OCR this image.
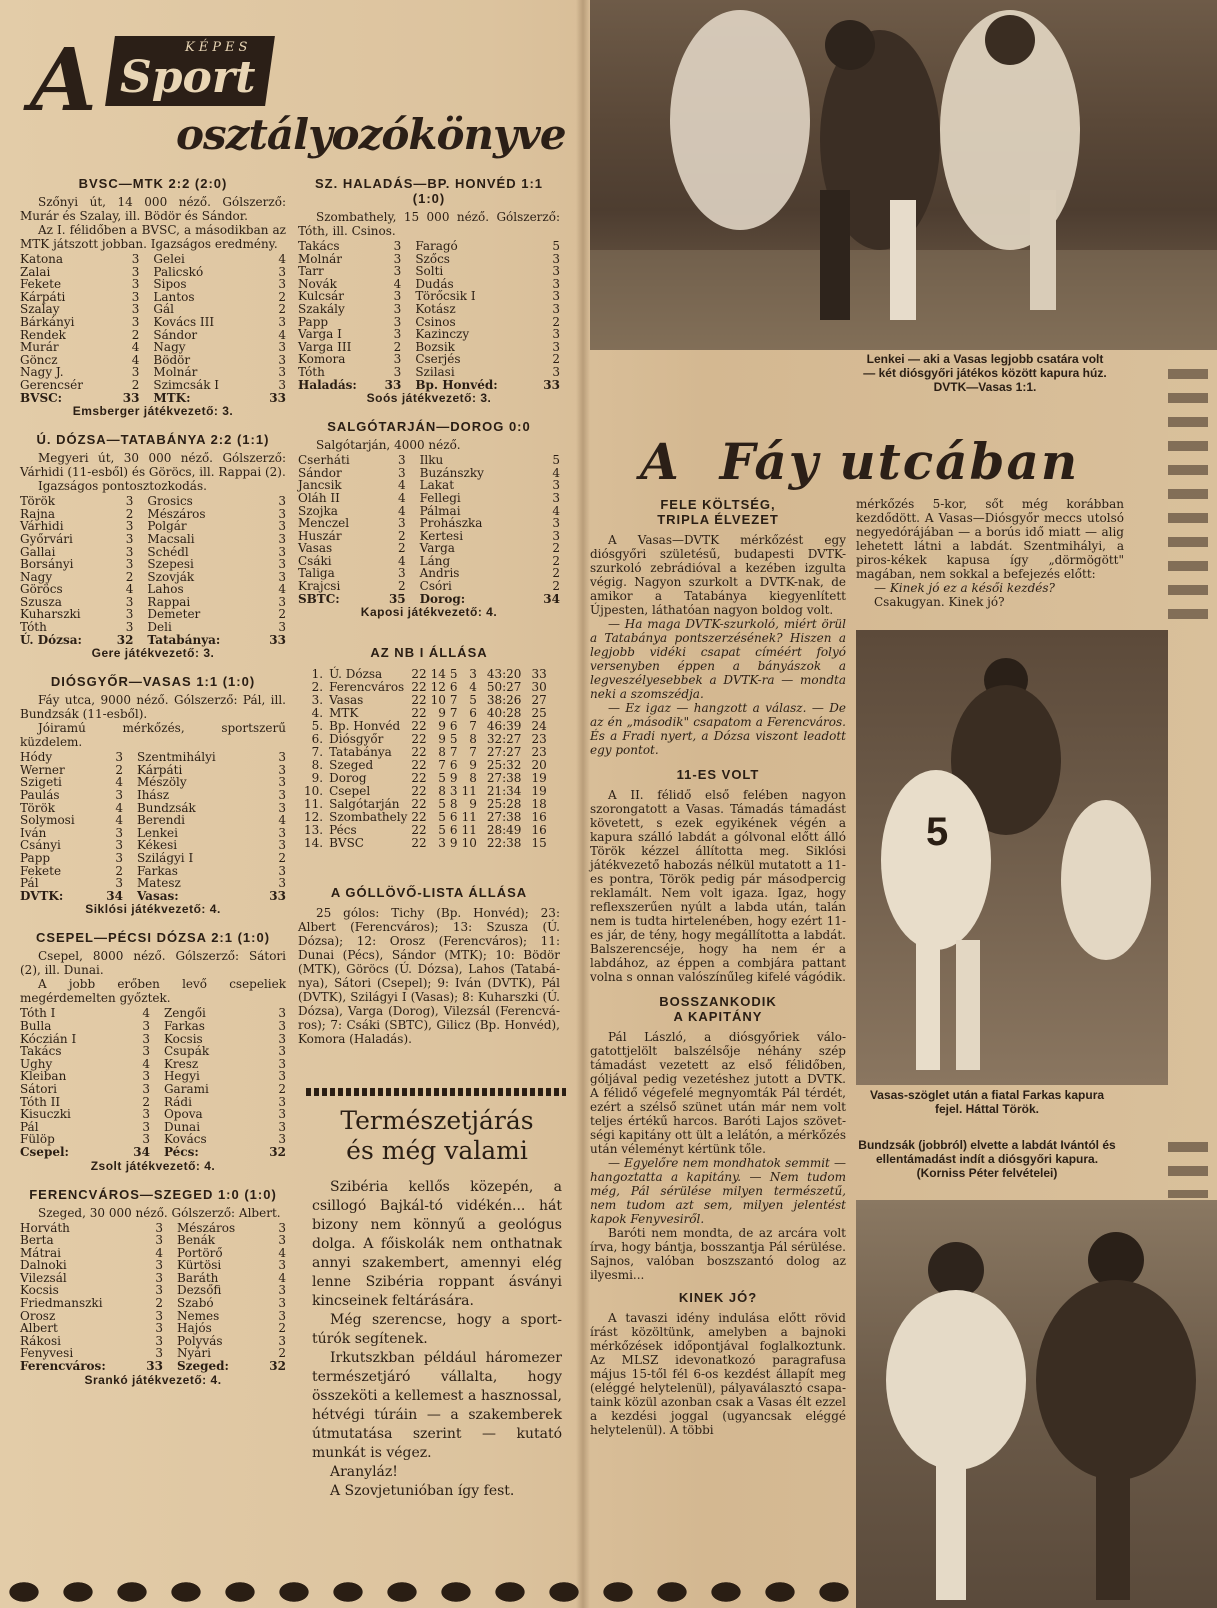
A	KÉPES
Sport
osztályozókönyve
BVSC—MTK 2:2 (2:0)

Szőnyi út, 14 000 néző. Gólszerző: Murár és Szalay, ill. Bödör és Sándor.

Az I. félidőben a BVSC, a másodikban az MTK játszott jobban. Igazságos eredmény.

Katona	3	Gelei	4
Zalai	3	Palicskó	3
Fekete	3	Sipos	3
Kárpáti	3	Lantos	2
Szalay	3	Gál	2
Bárkányi	3	Kovács III	3
Rendek	2	Sándor	4
Murár	4	Nagy	3
Göncz	4	Bödör	3
Nagy J.	3	Molnár	3
Gerencsér	2	Szimcsák I	3
BVSC:	33	MTK:	33
Emsberger játékvezető: 3.
Ú. DÓZSA—TATABÁNYA 2:2 (1:1)

Megyeri út, 30 000 néző. Gólszerző: Várhidi (11-esből) és Göröcs, ill. Rappai (2).

Igazságos pontosztozkodás.

Török	3	Grosics	3
Rajna	2	Mészáros	3
Várhidi	3	Polgár	3
Győrvári	3	Macsali	3
Gallai	3	Schédl	3
Borsányi	3	Szepesi	3
Nagy	2	Szovják	3
Göröcs	4	Lahos	4
Szusza	3	Rappai	3
Kuharszki	3	Demeter	2
Tóth	3	Deli	3
Ú. Dózsa:	32	Tatabánya:	33
Gere játékvezető: 3.
DIÓSGYŐR—VASAS 1:1 (1:0)

Fáy utca, 9000 néző. Gólszerző: Pál, ill. Bundzsák (11-esből).

Jóiramú mérkőzés, sportszerű küzdelem.

Hódy	3	Szentmihályi	3
Werner	2	Kárpáti	3
Szigeti	4	Mészöly	3
Paulás	3	Ihász	3
Török	4	Bundzsák	3
Solymosi	4	Berendi	4
Iván	3	Lenkei	3
Csányi	3	Kékesi	3
Papp	3	Szilágyi I	2
Fekete	2	Farkas	3
Pál	3	Matesz	3
DVTK:	34	Vasas:	33
Siklósi játékvezető: 4.
CSEPEL—PÉCSI DÓZSA 2:1 (1:0)

Csepel, 8000 néző. Gólszerző: Sátori (2), ill. Dunai.

A jobb erőben levő csepeliek megérdemelten győztek.

Tóth I	4	Zengői	3
Bulla	3	Farkas	3
Kóczián I	3	Kocsis	3
Takács	3	Csupák	3
Ughy	4	Kresz	3
Kleiban	3	Hegyi	3
Sátori	3	Garami	2
Tóth II	2	Rádi	3
Kisuczki	3	Opova	3
Pál	3	Dunai	3
Fülöp	3	Kovács	3
Csepel:	34	Pécs:	32
Zsolt játékvezető: 4.
FERENCVÁROS—SZEGED 1:0 (1:0)

Szeged, 30 000 néző. Gólszerző: Albert.

Horváth	3	Mészáros	3
Berta	3	Benák	3
Mátrai	4	Portörő	4
Dalnoki	3	Kürtösi	3
Vilezsál	3	Baráth	4
Kocsis	3	Dezsőfi	3
Friedmanszki	2	Szabó	3
Orosz	3	Nemes	3
Albert	3	Hajós	2
Rákosi	3	Polyvás	3
Fenyvesi	3	Nyári	2
Ferencváros:	33	Szeged:	32
Srankó játékvezető: 4.
SZ. HALADÁS—BP. HONVÉD 1:1 (1:0)

Szombathely, 15 000 néző. Gólszerző: Tóth, ill. Csinos.

Takács	3	Faragó	5
Molnár	3	Szőcs	3
Tarr	3	Solti	3
Novák	4	Dudás	3
Kulcsár	3	Törőcsik I	3
Szakály	3	Kotász	3
Papp	3	Csinos	2
Varga I	3	Kazinczy	3
Varga III	2	Bozsik	3
Komora	3	Cserjés	2
Tóth	3	Szilasi	3
Haladás:	33	Bp. Honvéd:	33
Soós játékvezető: 3.
SALGÓTARJÁN—DOROG 0:0

Salgótarján, 4000 néző.

Cserháti	3	Ilku	5
Sándor	3	Buzánszky	4
Jancsik	4	Lakat	3
Oláh II	4	Fellegi	3
Szojka	4	Pálmai	4
Menczel	3	Prohászka	3
Huszár	2	Kertesi	3
Vasas	2	Varga	2
Csáki	4	Láng	2
Taliga	3	Andris	2
Krajcsi	2	Csóri	2
SBTC:	35	Dorog:	34
Kaposi játékvezető: 4.
AZ NB I ÁLLÁSA
1.	Ú. Dózsa	22	14	5	3	43:20	33
2.	Ferencváros	22	12	6	4	50:27	30
3.	Vasas	22	10	7	5	38:26	27
4.	MTK	22	9	7	6	40:28	25
5.	Bp. Honvéd	22	9	6	7	46:39	24
6.	Diósgyőr	22	9	5	8	32:27	23
7.	Tatabánya	22	8	7	7	27:27	23
8.	Szeged	22	7	6	9	25:32	20
9.	Dorog	22	5	9	8	27:38	19
10.	Csepel	22	8	3	11	21:34	19
11.	Salgótarján	22	5	8	9	25:28	18
12.	Szombathely	22	5	6	11	27:38	16
13.	Pécs	22	5	6	11	28:49	16
14.	BVSC	22	3	9	10	22:38	15
A GÓLLÖVŐ-LISTA ÁLLÁSA

25 gólos: Tichy (Bp. Honvéd); 23: Albert (Ferencváros); 13: Szusza (Ú. Dózsa); 12: Orosz (Ferencváros); 11: Dunai (Pécs), Sándor (MTK); 10: Bödör (MTK), Göröcs (Ú. Dózsa), Lahos (Tatabánya), Sátori (Csepel); 9: Iván (DVTK), Pál (DVTK), Szilágyi I (Vasas); 8: Kuharszki (Ú. Dózsa), Varga (Dorog), Vilezsál (Ferencváros); 7: Csáki (SBTC), Gilicz (Bp. Honvéd), Komora (Haladás).

Természetjárás
és még valami

Szibéria kellős közepén, a csillogó Bajkál-tó vidékén... hát bizony nem könnyű a geológus dolga. A főiskolák nem onthatnak annyi szakembert, amennyi elég lenne Szibéria roppant ásványi kincseinek feltárására.

Még szerencse, hogy a sporttúrók segítenek.

Irkutszkban például háromezer természetjáró vállalta, hogy összeköti a kellemest a hasznossal, hétvégi túráin — a szakemberek útmutatása szerint — kutató munkát is végez.

Aranyláz!

A Szovjetunióban így fest.

Lenkei — aki a Vasas legjobb csatára volt — két diósgyőri játékos között kapura húz. DVTK—Vasas 1:1.
A Fáy utcában
FELE KÖLTSÉG,
TRIPLA ÉLVEZET

A Vasas—DVTK mérkőzést egy diósgyőri születésű, budapesti DVTK-szurkoló zebrádióval a kezében izgulta végig. Nagyon szurkolt a DVTK-nak, de amikor a Tatabánya kiegyenlített Újpesten, láthatóan nagyon boldog volt.

— Ha maga DVTK-szurkoló, miért örül a Tatabánya pontszerzésének? Hiszen a legjobb vidéki csapat címéért folyó versenyben éppen a bányászok a legveszélyesebbek a DVTK-ra — mondta neki a szomszédja.

— Ez igaz — hangzott a válasz. — De az én „második" csapatom a Ferencváros. És a Fradi nyert, a Dózsa viszont leadott egy pontot.

11-ES VOLT

A II. félidő első felében nagyon szorongatott a Vasas. Támadás támadást követett, s ezek egyikének végén a kapura szálló labdát a gólvonal előtt álló Török kézzel állította meg. Siklósi játékvezető habozás nélkül mutatott a 11-es pontra, Török pedig pár másodpercig reklamált. Nem volt igaza. Igaz, hogy reflexszerűen nyúlt a labda után, talán nem is tudta hirtelenében, hogy ezért 11-es jár, de tény, hogy megállította a labdát. Balszerencséje, hogy ha nem ér a labdához, az éppen a combjára pattant volna s onnan valószínűleg kifelé vágódik.

BOSSZANKODIK
A KAPITÁNY

Pál László, a diósgyőriek válogatottjelölt balszélsője néhány szép támadást vezetett az első félidőben, góljával pedig vezetéshez jutott a DVTK. A félidő végefelé megnyomták Pál térdét, ezért a szélső szünet után már nem volt teljes értékű harcos. Baróti Lajos szövetségi kapitány ott ült a lelátón, a mérkőzés után véleményt kértünk tőle.

— Egyelőre nem mondhatok semmit — hangoztatta a kapitány. — Nem tudom még, Pál sérülése milyen természetű, nem tudom azt sem, milyen jelentést kapok Fenyvesiről.

Baróti nem mondta, de az arcára volt írva, hogy bántja, bosszantja Pál sérülése. Sajnos, valóban boszszantó dolog az ilyesmi...

KINEK JÓ?

A tavaszi idény indulása előtt rövid írást közöltünk, amelyben a bajnoki mérkőzések időpontjával foglalkoztunk. Az MLSZ idevonatkozó paragrafusa május 15-től fél 6-os kezdést állapít meg (eléggé helytelenül), pályaválasztó csapataink közül azonban csak a Vasas élt ezzel a kezdési joggal (ugyancsak eléggé helytelenül). A többi

mérkőzés 5-kor, sőt még korábban kezdődött. A Vasas—Diósgyőr meccs utolsó negyedórájában — a borús idő miatt — alig lehetett látni a labdát. Szentmihályi, a piros-kékek kapusa így „dörmögött" magában, nem sokkal a befejezés előtt:

— Kinek jó ez a késői kezdés?

Csakugyan. Kinek jó?

5
Vasas-szöglet után a fiatal Farkas kapura fejel. Háttal Török.
Bundzsák (jobbról) elvette a labdát Ivántól és ellentámadást indít a diósgyőri kapura.
(Korniss Péter felvételei)
